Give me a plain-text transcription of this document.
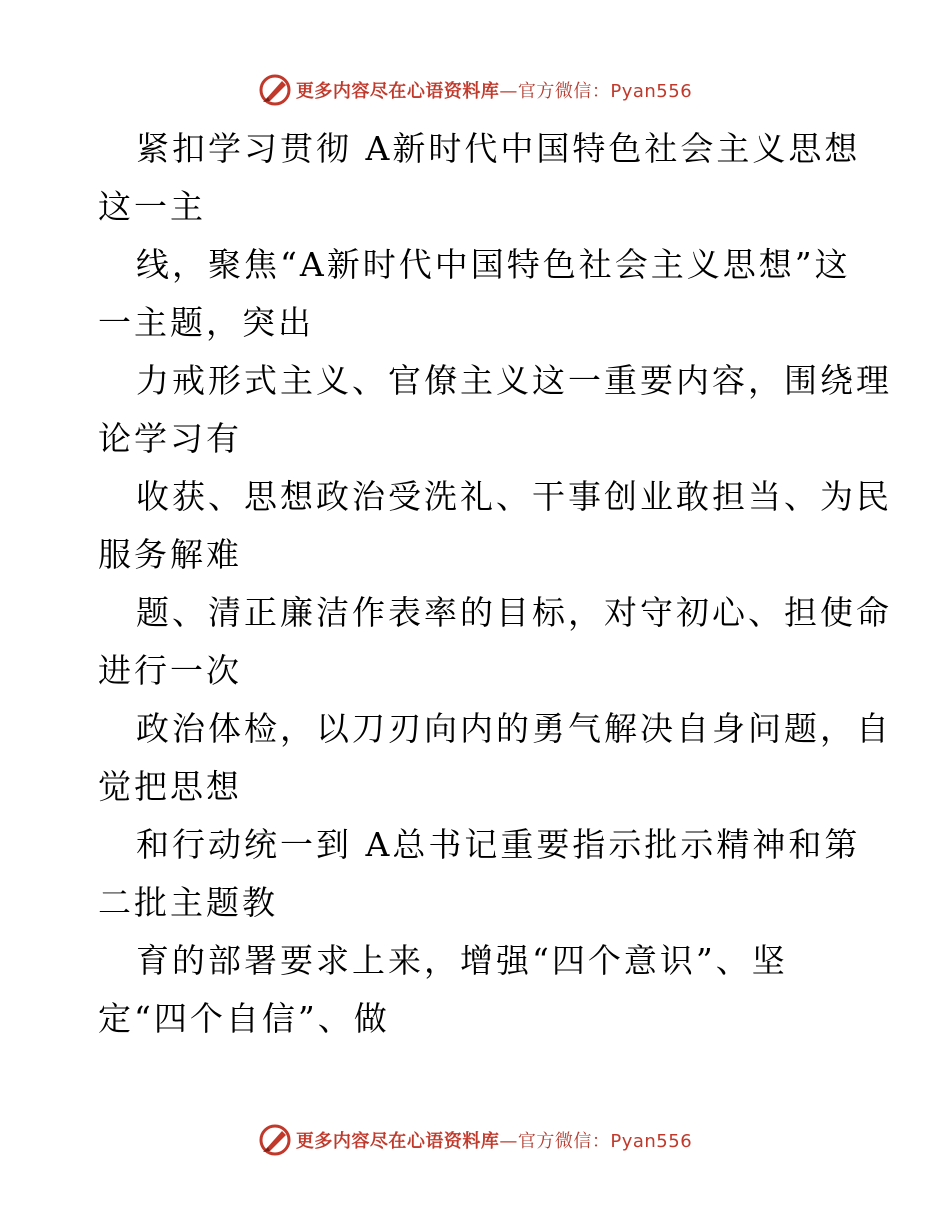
更多内容尽在心语资料库—官方微信：Pyan556

紧扣学习贯彻 A新时代中国特色社会主义思想
这一主

线，聚焦“A新时代中国特色社会主义思想”这
一主题，突出

力戒形式主义、官僚主义这一重要内容，围绕理
论学习有

收获、思想政治受洗礼、干事创业敢担当、为民
服务解难

题、清正廉洁作表率的目标，对守初心、担使命
进行一次

政治体检，以刀刃向内的勇气解决自身问题，自
觉把思想

和行动统一到 A总书记重要指示批示精神和第
二批主题教

育的部署要求上来，增强“四个意识”、坚
定“四个自信”、做

更多内容尽在心语资料库—官方微信：Pyan556
